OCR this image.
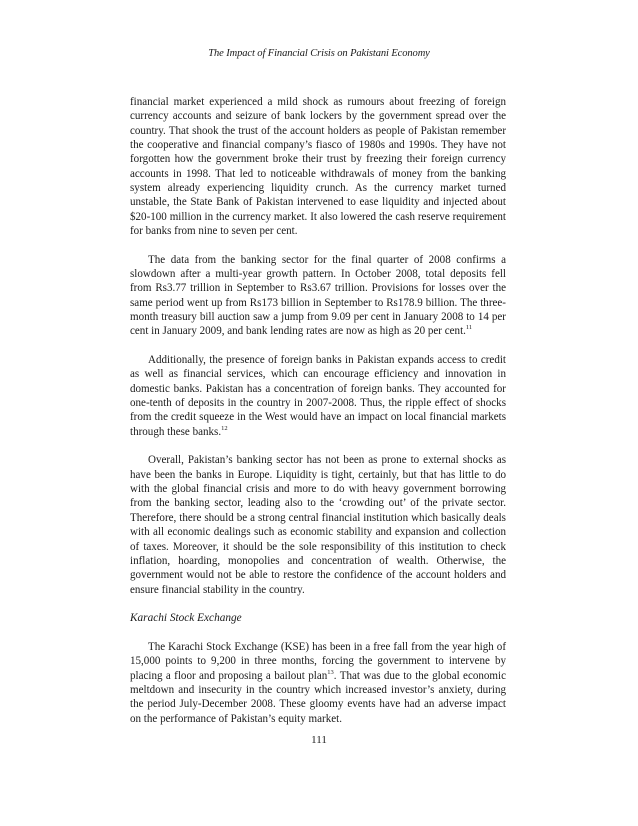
The Impact of Financial Crisis on Pakistani Economy

financial market experienced a mild shock as rumours about freezing of foreign currency accounts and seizure of bank lockers by the government spread over the country. That shook the trust of the account holders as people of Pakistan remember the cooperative and financial company’s fiasco of 1980s and 1990s. They have not forgotten how the government broke their trust by freezing their foreign currency accounts in 1998. That led to noticeable withdrawals of money from the banking system already experiencing liquidity crunch. As the currency market turned unstable, the State Bank of Pakistan intervened to ease liquidity and injected about $20-100 million in the currency market. It also lowered the cash reserve requirement for banks from nine to seven per cent.

The data from the banking sector for the final quarter of 2008 confirms a slowdown after a multi-year growth pattern. In October 2008, total deposits fell from Rs3.77 trillion in September to Rs3.67 trillion. Provisions for losses over the same period went up from Rs173 billion in September to Rs178.9 billion. The three-month treasury bill auction saw a jump from 9.09 per cent in January 2008 to 14 per cent in January 2009, and bank lending rates are now as high as 20 per cent.$^{11}$

Additionally, the presence of foreign banks in Pakistan expands access to credit as well as financial services, which can encourage efficiency and innovation in domestic banks. Pakistan has a concentration of foreign banks. They accounted for one-tenth of deposits in the country in 2007-2008. Thus, the ripple effect of shocks from the credit squeeze in the West would have an impact on local financial markets through these banks.$^{12}$

Overall, Pakistan’s banking sector has not been as prone to external shocks as have been the banks in Europe. Liquidity is tight, certainly, but that has little to do with the global financial crisis and more to do with heavy government borrowing from the banking sector, leading also to the ‘crowding out’ of the private sector. Therefore, there should be a strong central financial institution which basically deals with all economic dealings such as economic stability and expansion and collection of taxes. Moreover, it should be the sole responsibility of this institution to check inflation, hoarding, monopolies and concentration of wealth. Otherwise, the government would not be able to restore the confidence of the account holders and ensure financial stability in the country.

Karachi Stock Exchange

The Karachi Stock Exchange (KSE) has been in a free fall from the year high of 15,000 points to 9,200 in three months, forcing the government to intervene by placing a floor and proposing a bailout plan$^{13}$. That was due to the global economic meltdown and insecurity in the country which increased investor’s anxiety, during the period July-December 2008. These gloomy events have had an adverse impact on the performance of Pakistan’s equity market.

111
